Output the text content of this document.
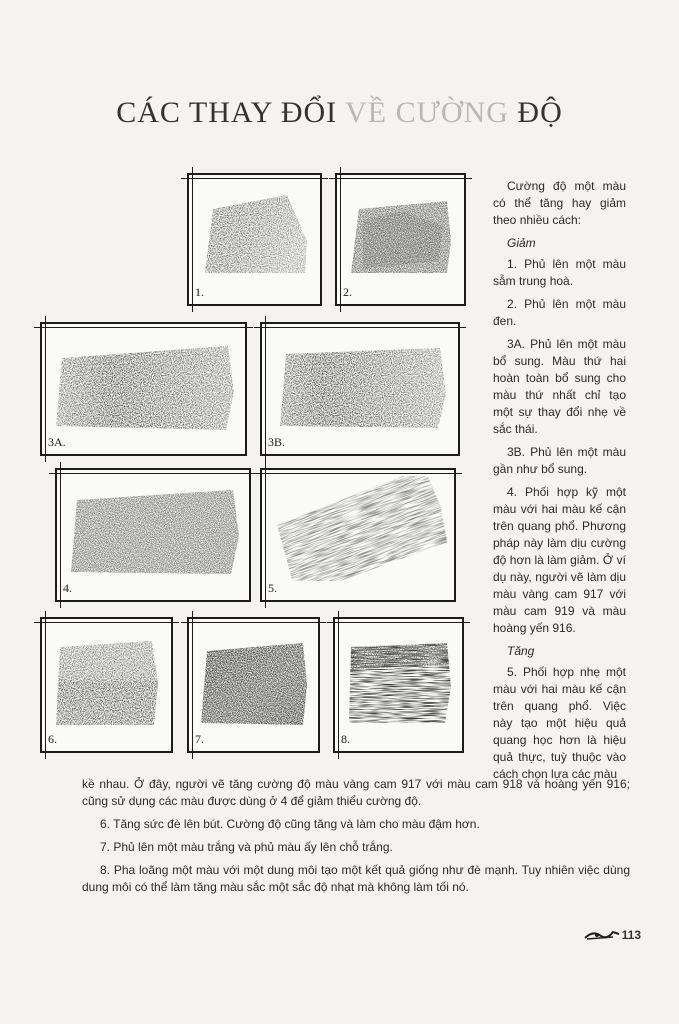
CÁC THAY ĐỔI VỀ CƯỜNG ĐỘ
1.	2.
3A.	3B.
4.	5.
6.	7.	8.

Cường độ một màu có thể tăng hay giảm theo nhiều cách:

Giảm

1. Phủ lên một màu sẫm trung hoà.

2. Phủ lên một màu đen.

3A. Phủ lên một màu bổ sung. Màu thứ hai hoàn toàn bổ sung cho màu thứ nhất chỉ tạo một sự thay đổi nhẹ về sắc thái.

3B. Phủ lên một màu gần như bổ sung.

4. Phối hợp kỹ một màu với hai màu kế cận trên quang phổ. Phương pháp này làm dịu cường độ hơn là làm giảm. Ở ví dụ này, người vẽ làm dịu màu vàng cam 917 với màu cam 919 và màu hoàng yến 916.

Tăng

5. Phối hợp nhẹ một màu với hai màu kế cận trên quang phổ. Việc này tạo một hiệu quả quang học hơn là hiệu quả thực, tuỳ thuộc vào cách chọn lựa các màu

kề nhau. Ở đây, người vẽ tăng cường độ màu vàng cam 917 với màu cam 918 và hoàng yến 916; cũng sử dụng các màu được dùng ở 4 để giảm thiểu cường độ.

6. Tăng sức đè lên bút. Cường độ cũng tăng và làm cho màu đậm hơn.

7. Phủ lên một màu trắng và phủ màu ấy lên chỗ trắng.

8. Pha loãng một màu với một dung môi tạo một kết quả giống như đè mạnh. Tuy nhiên việc dùng dung môi có thể làm tăng màu sắc một sắc độ nhạt mà không làm tối nó.

113
